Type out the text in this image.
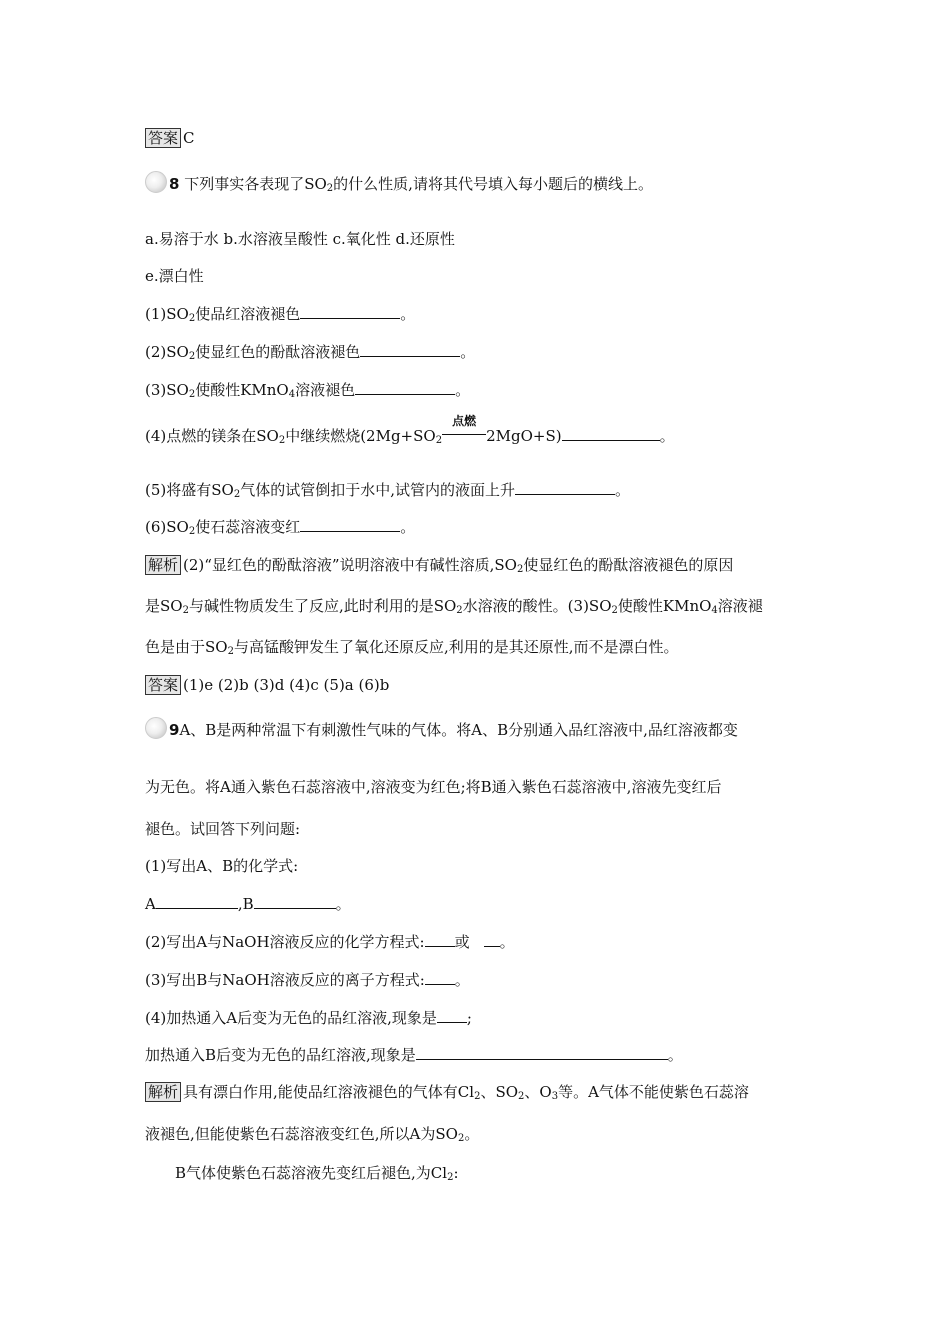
答案 C
8 下列事实各表现了$SO_2$的什么性质,请将其代号填入每小题后的横线上。
a.易溶于水 b.水溶液呈酸性 c.氧化性 d.还原性
e.漂白性
$(1)SO_2$使品红溶液褪色	。
$(2)SO_2$使显红色的酚酞溶液褪色	。
$(3)SO_2$使酸性KMnO$_4$溶液褪色	。
(4)点燃的镁条在$SO_2$中继续燃烧($2Mg+SO_2$
点燃
2MgO+S)	。
(5)将盛有$SO_2$气体的试管倒扣于水中,试管内的液面上升	。
$(6)SO_2$使石蕊溶液变红	。
解析 (2)“显红色的酚酞溶液”说明溶液中有碱性溶质$,SO_2$使显红色的酚酞溶液褪色的原因
是$SO_2$与碱性物质发生了反应,此时利用的是$SO_2$水溶液的酸性。$(3)SO_2$使酸性KMnO$_4$溶液褪
色是由于$SO_2$与高锰酸钾发生了氧化还原反应,利用的是其还原性,而不是漂白性。
答案 (1)e (2)b (3)d (4)c (5)a (6)b
9A、B是两种常温下有刺激性气味的气体。将A、B分别通入品红溶液中,品红溶液都变
为无色。将A通入紫色石蕊溶液中,溶液变为红色;将B通入紫色石蕊溶液中,溶液先变红后
褪色。试回答下列问题:
(1)写出A、B的化学式:
A	,B	。
(2)写出A与NaOH溶液反应的化学方程式: 或 。
(3)写出B与NaOH溶液反应的离子方程式: 。
(4)加热通入A后变为无色的品红溶液,现象是 ;
加热通入B后变为无色的品红溶液,现象是	。
解析 具有漂白作用,能使品红溶液褪色的气体有$Cl_2$、$SO_2$、$O_3$等。A气体不能使紫色石蕊溶
液褪色,但能使紫色石蕊溶液变红色,所以A为$SO_2$。
B气体使紫色石蕊溶液先变红后褪色,为$Cl_2$:
